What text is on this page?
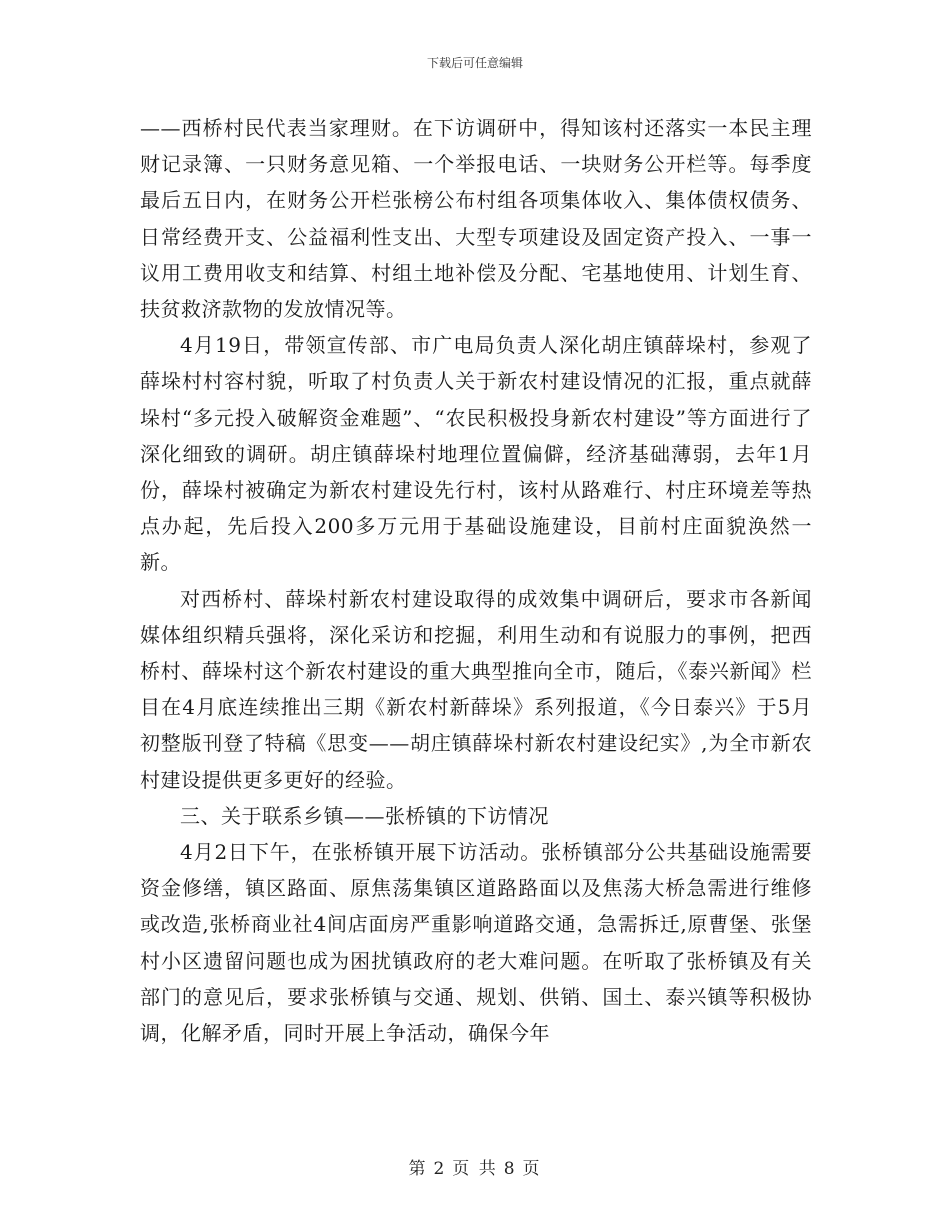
下载后可任意编辑

——西桥村民代表当家理财。在下访调研中，得知该村还落实一本民主理财记录簿、一只财务意见箱、一个举报电话、一块财务公开栏等。每季度最后五日内，在财务公开栏张榜公布村组各项集体收入、集体债权债务、日常经费开支、公益福利性支出、大型专项建设及固定资产投入、一事一议用工费用收支和结算、村组土地补偿及分配、宅基地使用、计划生育、扶贫救济款物的发放情况等。

4月19日，带领宣传部、市广电局负责人深化胡庄镇薛垛村，参观了薛垛村村容村貌，听取了村负责人关于新农村建设情况的汇报，重点就薛垛村“多元投入破解资金难题”、“农民积极投身新农村建设”等方面进行了深化细致的调研。胡庄镇薛垛村地理位置偏僻，经济基础薄弱，去年1月份，薛垛村被确定为新农村建设先行村，该村从路难行、村庄环境差等热点办起，先后投入200多万元用于基础设施建设，目前村庄面貌涣然一新。

对西桥村、薛垛村新农村建设取得的成效集中调研后，要求市各新闻媒体组织精兵强将，深化采访和挖掘，利用生动和有说服力的事例，把西桥村、薛垛村这个新农村建设的重大典型推向全市，随后，《泰兴新闻》栏目在4月底连续推出三期《新农村新薛垛》系列报道，《今日泰兴》于5月初整版刊登了特稿《思变——胡庄镇薛垛村新农村建设纪实》,为全市新农村建设提供更多更好的经验。

三、关于联系乡镇——张桥镇的下访情况

4月2日下午，在张桥镇开展下访活动。张桥镇部分公共基础设施需要资金修缮，镇区路面、原焦荡集镇区道路路面以及焦荡大桥急需进行维修或改造,张桥商业社4间店面房严重影响道路交通，急需拆迁,原曹堡、张堡村小区遗留问题也成为困扰镇政府的老大难问题。在听取了张桥镇及有关部门的意见后，要求张桥镇与交通、规划、供销、国土、泰兴镇等积极协调，化解矛盾，同时开展上争活动，确保今年

第 2 页 共 8 页
